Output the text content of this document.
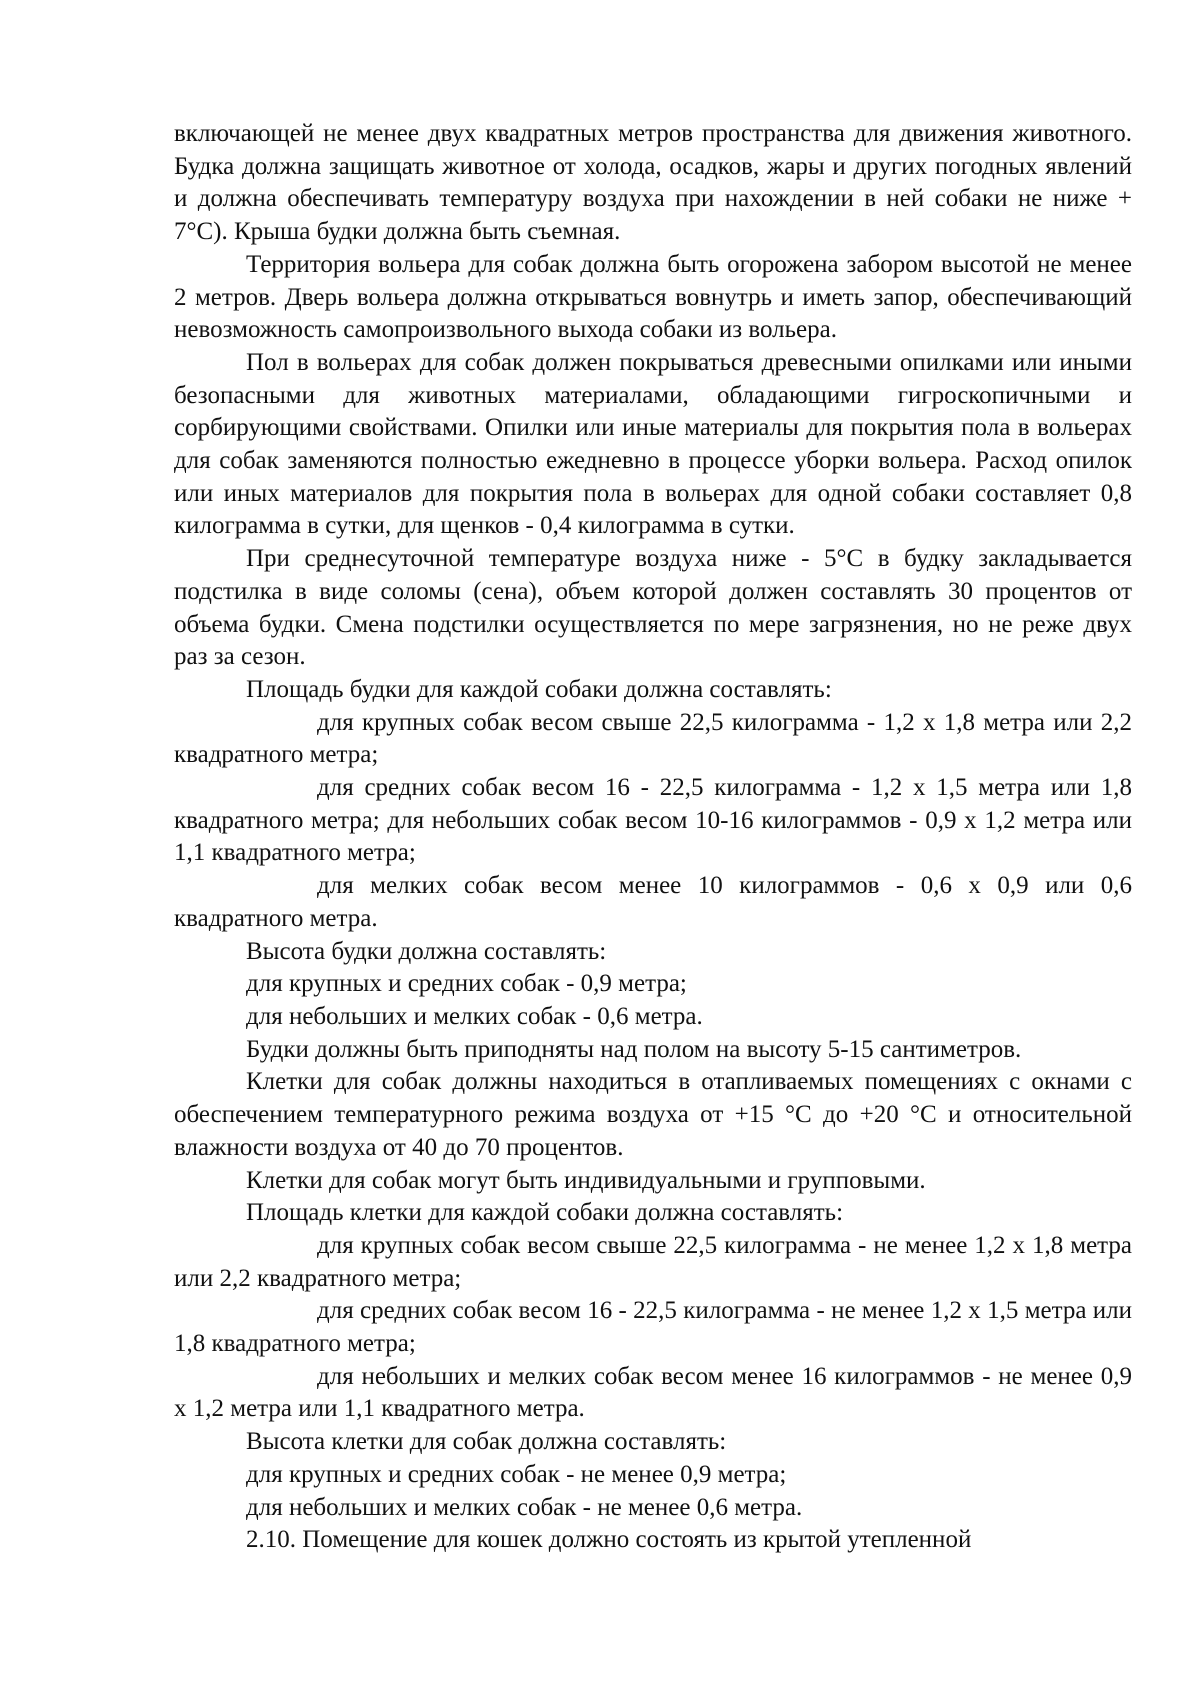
включающей не менее двух квадратных метров пространства для движения животного. Будка должна защищать животное от холода, осадков, жары и других погодных явлений и должна обеспечивать температуру воздуха при нахождении в ней собаки не ниже + 7°С). Крыша будки должна быть съемная.

Территория вольера для собак должна быть огорожена забором высотой не менее 2 метров. Дверь вольера должна открываться вовнутрь и иметь запор, обеспечивающий невозможность самопроизвольного выхода собаки из вольера.

Пол в вольерах для собак должен покрываться древесными опилками или иными безопасными для животных материалами, обладающими гигроскопичными и сорбирующими свойствами. Опилки или иные материалы для покрытия пола в вольерах для собак заменяются полностью ежедневно в процессе уборки вольера. Расход опилок или иных материалов для покрытия пола в вольерах для одной собаки составляет 0,8 килограмма в сутки, для щенков - 0,4 килограмма в сутки.

При среднесуточной температуре воздуха ниже - 5°С в будку закладывается подстилка в виде соломы (сена), объем которой должен составлять 30 процентов от объема будки. Смена подстилки осуществляется по мере загрязнения, но не реже двух раз за сезон.

Площадь будки для каждой собаки должна составлять:

для крупных собак весом свыше 22,5 килограмма - 1,2 х 1,8 метра или 2,2 квадратного метра;

для средних собак весом 16 - 22,5 килограмма - 1,2 х 1,5 метра или 1,8 квадратного метра; для небольших собак весом 10-16 килограммов - 0,9 х 1,2 метра или 1,1 квадратного метра;

для мелких собак весом менее 10 килограммов - 0,6 х 0,9 или 0,6 квадратного метра.

Высота будки должна составлять:

для крупных и средних собак - 0,9 метра;

для небольших и мелких собак - 0,6 метра.

Будки должны быть приподняты над полом на высоту 5-15 сантиметров.

Клетки для собак должны находиться в отапливаемых помещениях с окнами с обеспечением температурного режима воздуха от +15 °С до +20 °С и относительной влажности воздуха от 40 до 70 процентов.

Клетки для собак могут быть индивидуальными и групповыми.

Площадь клетки для каждой собаки должна составлять:

для крупных собак весом свыше 22,5 килограмма - не менее 1,2 х 1,8 метра или 2,2 квадратного метра;

для средних собак весом 16 - 22,5 килограмма - не менее 1,2 х 1,5 метра или 1,8 квадратного метра;

для небольших и мелких собак весом менее 16 килограммов - не менее 0,9 х 1,2 метра или 1,1 квадратного метра.

Высота клетки для собак должна составлять:

для крупных и средних собак - не менее 0,9 метра;

для небольших и мелких собак - не менее 0,6 метра.

2.10. Помещение для кошек должно состоять из крытой утепленной
